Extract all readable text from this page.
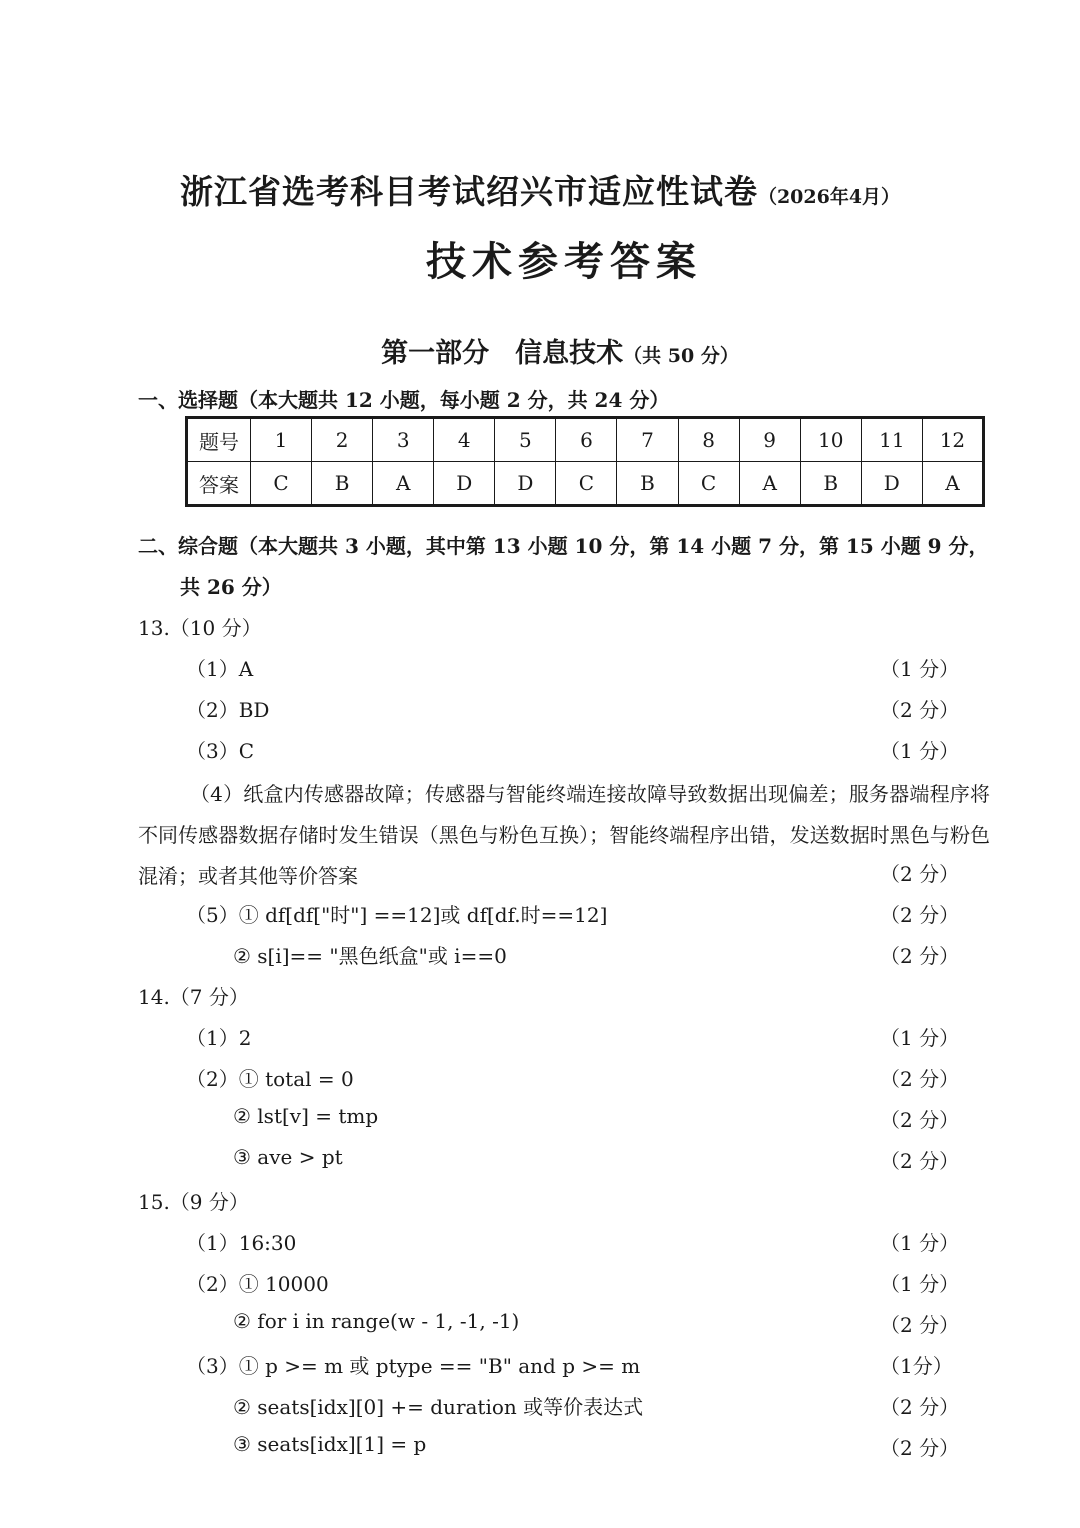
浙江省选考科目考试绍兴市适应性试卷（2026年4月）
技术参考答案
第一部分 信息技术（共 50 分）
一、选择题（本大题共 12 小题，每小题 2 分，共 24 分）
题号	1	2	3	4	5	6	7	8	9	10	11	12
答案	C	B	A	D	D	C	B	C	A	B	D	A
二、综合题（本大题共 3 小题，其中第 13 小题 10 分，第 14 小题 7 分，第 15 小题 9 分，
共 26 分）
13.（10 分）
（1）A	（1 分）
（2）BD	（2 分）
（3）C	（1 分）
（4）纸盒内传感器故障；传感器与智能终端连接故障导致数据出现偏差；服务器端程序将不同传感器数据存储时发生错误（黑色与粉色互换）；智能终端程序出错，发送数据时黑色与粉色混淆；或者其他等价答案	（2 分）
（5）① df[df["时"] ==12]或 df[df.时==12]	（2 分）
② s[i]== "黑色纸盒"或 i==0	（2 分）
14.（7 分）
（1）2	（1 分）
（2）① total = 0	（2 分）
② lst[v] = tmp	（2 分）
③ ave > pt	（2 分）
15.（9 分）
（1）16:30	（1 分）
（2）① 10000	（1 分）
② for i in range(w - 1, -1, -1)	（2 分）
（3）① p >= m 或 ptype == "B" and p >= m	（1分）
② seats[idx][0] += duration 或等价表达式	（2 分）
③ seats[idx][1] = p	（2 分）
